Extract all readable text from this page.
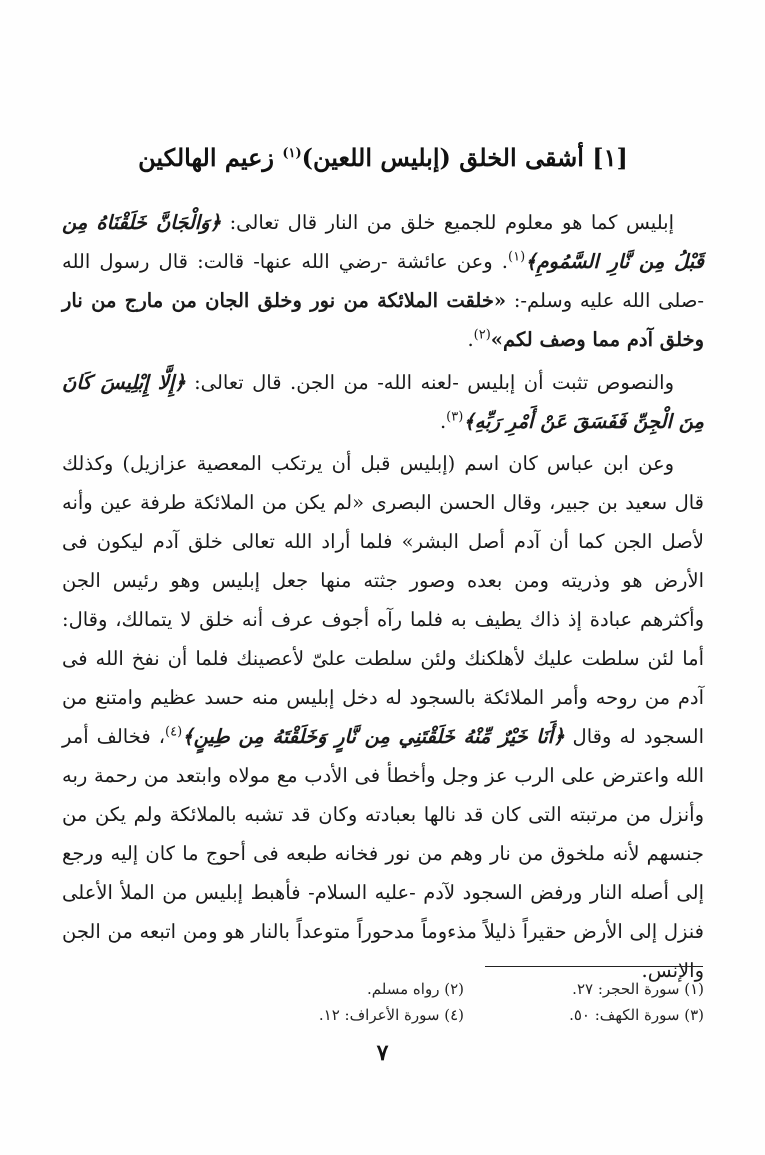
[١] أشقى الخلق (إبليس اللعين)$^{(١)}$ زعيم الهالكين

إبليس كما هو معلوم للجميع خلق من النار قال تعالى: ﴿وَالْجَانَّ خَلَقْنَاهُ مِن قَبْلُ مِن نَّارِ السَّمُومِ﴾$^{(١)}$. وعن عائشة -رضي الله عنها- قالت: قال رسول الله -صلى الله عليه وسلم-: «خلقت الملائكة من نور وخلق الجان من مارج من نار وخلق آدم مما وصف لكم»$^{(٢)}$.

والنصوص تثبت أن إبليس -لعنه الله- من الجن. قال تعالى: ﴿إِلَّا إِبْلِيسَ كَانَ مِنَ الْجِنِّ فَفَسَقَ عَنْ أَمْرِ رَبِّهِ﴾$^{(٣)}$.

وعن ابن عباس كان اسم (إبليس قبل أن يرتكب المعصية عزازيل) وكذلك قال سعيد بن جبير، وقال الحسن البصرى «لم يكن من الملائكة طرفة عين وأنه لأصل الجن كما أن آدم أصل البشر» فلما أراد الله تعالى خلق آدم ليكون فى الأرض هو وذريته ومن بعده وصور جثته منها جعل إبليس وهو رئيس الجن وأكثرهم عبادة إذ ذاك يطيف به فلما رآه أجوف عرف أنه خلق لا يتمالك، وقال: أما لئن سلطت عليك لأهلكنك ولئن سلطت علىّ لأعصينك فلما أن نفخ الله فى آدم من روحه وأمر الملائكة بالسجود له دخل إبليس منه حسد عظيم وامتنع من السجود له وقال ﴿أَنَا خَيْرٌ مِّنْهُ خَلَقْتَنِي مِن نَّارٍ وَخَلَقْتَهُ مِن طِينٍ﴾$^{(٤)}$، فخالف أمر الله واعترض على الرب عز وجل وأخطأ فى الأدب مع مولاه وابتعد من رحمة ربه وأنزل من مرتبته التى كان قد نالها بعبادته وكان قد تشبه بالملائكة ولم يكن من جنسهم لأنه ملخوق من نار وهم من نور فخانه طبعه فى أحوج ما كان إليه ورجع إلى أصله النار ورفض السجود لآدم -عليه السلام- فأهبط إبليس من الملأ الأعلى فنزل إلى الأرض حقيراً ذليلاً مذءوماً مدحوراً متوعداً بالنار هو ومن اتبعه من الجن والإنس.

(١) سورة الحجر: ٢٧.
(٢) رواه مسلم.
(٣) سورة الكهف: ٥٠.
(٤) سورة الأعراف: ١٢.
٧
